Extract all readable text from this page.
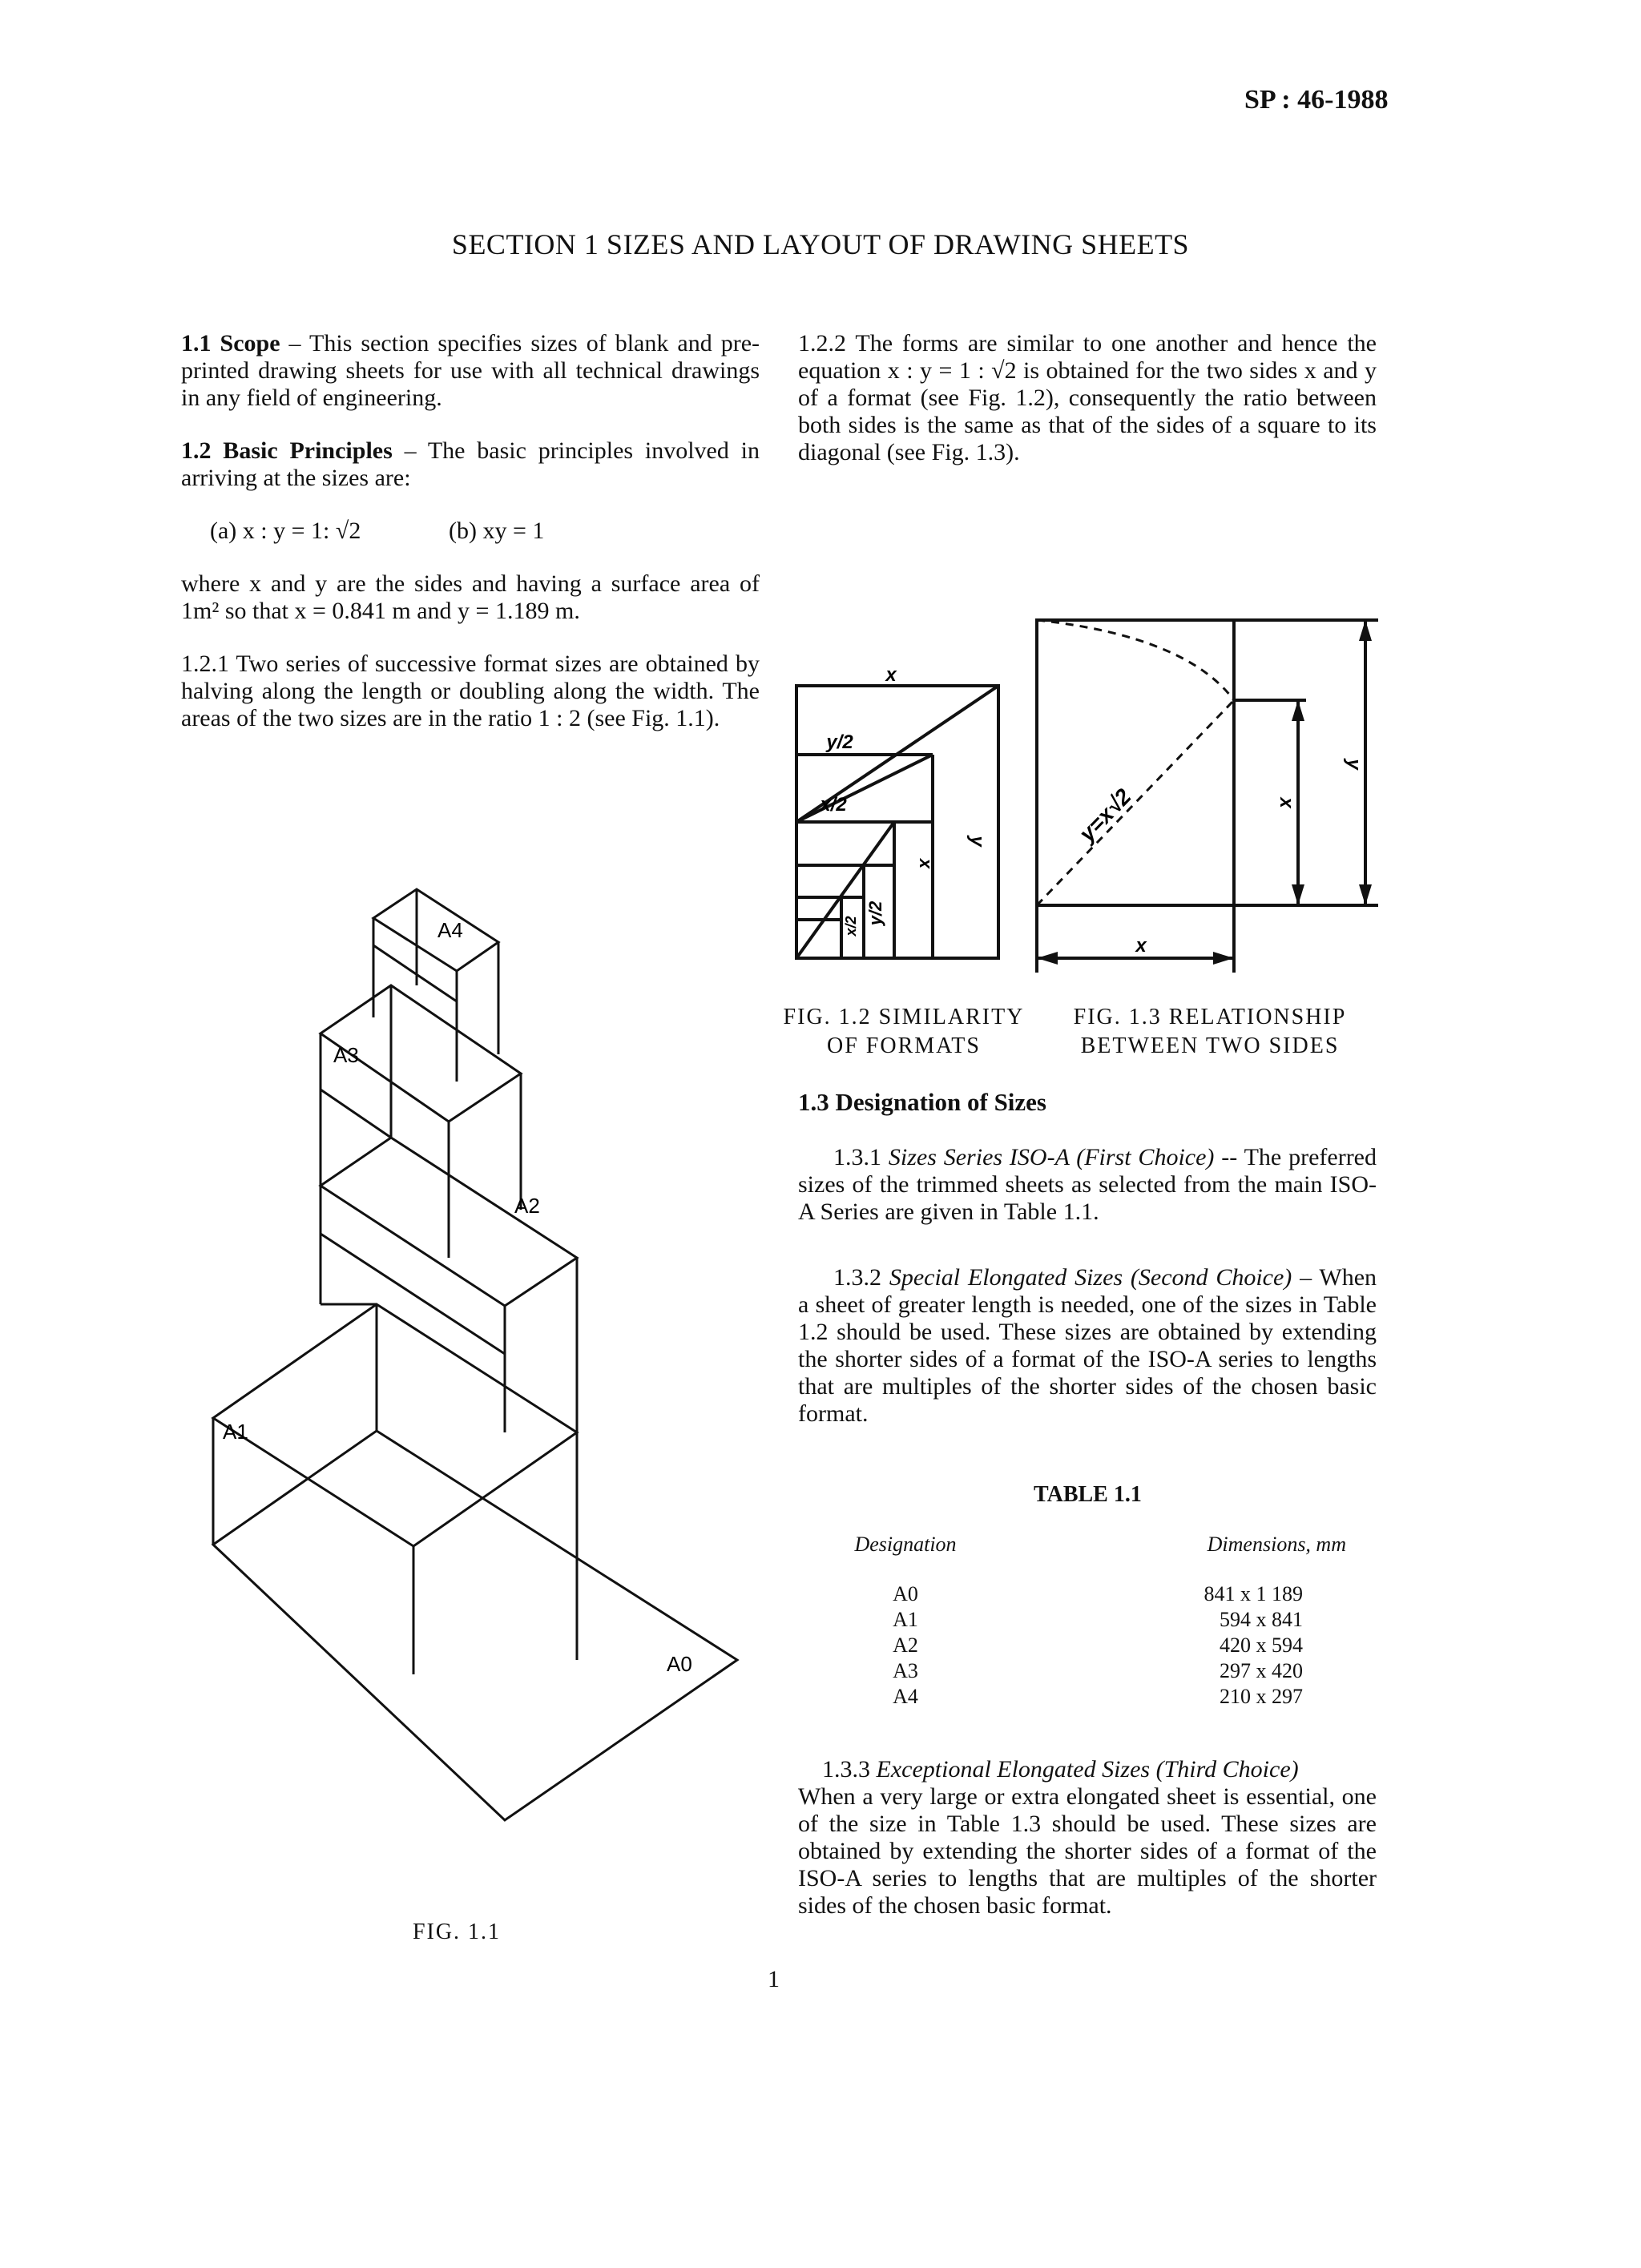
SP : 46-1988
SECTION 1 SIZES AND LAYOUT OF DRAWING SHEETS

1.1 Scope – This section specifies sizes of blank and pre-printed drawing sheets for use with all technical drawings in any field of engineering.

1.2 Basic Principles – The basic principles involved in arriving at the sizes are:

(a) x : y = 1: √2	(b) xy = 1

where x and y are the sides and having a surface area of 1m² so that x = 0.841 m and y = 1.189 m.

1.2.1 Two series of successive format sizes are obtained by halving along the length or doubling along the width. The areas of the two sizes are in the ratio 1 : 2 (see Fig. 1.1).

1.2.2 The forms are similar to one another and hence the equation x : y = 1 : √2 is obtained for the two sides x and y of a format (see Fig. 1.2), consequently the ratio between both sides is the same as that of the sides of a square to its diagonal (see Fig. 1.3).

x
y/2
x/2
y
x
y/2
x/2
y=x√2	x
y
x
FIG. 1.2 SIMILARITY
OF FORMATS
FIG. 1.3 RELATIONSHIP
BETWEEN TWO SIDES
1.3 Designation of Sizes

1.3.1 Sizes Series ISO-A (First Choice) -- The preferred sizes of the trimmed sheets as selected from the main ISO-A Series are given in Table 1.1.

1.3.2 Special Elongated Sizes (Second Choice) – When a sheet of greater length is needed, one of the sizes in Table 1.2 should be used. These sizes are obtained by extending the shorter sides of a format of the ISO-A series to lengths that are multiples of the shorter sides of the chosen basic format.

TABLE 1.1
Designation	Dimensions, mm
A0	841 x 1 189
A1	594 x 841
A2	420 x 594
A3	297 x 420
A4	210 x 297

1.3.3 Exceptional Elongated Sizes (Third Choice)
When a very large or extra elongated sheet is essential, one of the size in Table 1.3 should be used. These sizes are obtained by extending the shorter sides of a format of the ISO-A series to lengths that are multiples of the shorter sides of the chosen basic format.

A4
A3
A2
A1
A0
FIG. 1.1
1
